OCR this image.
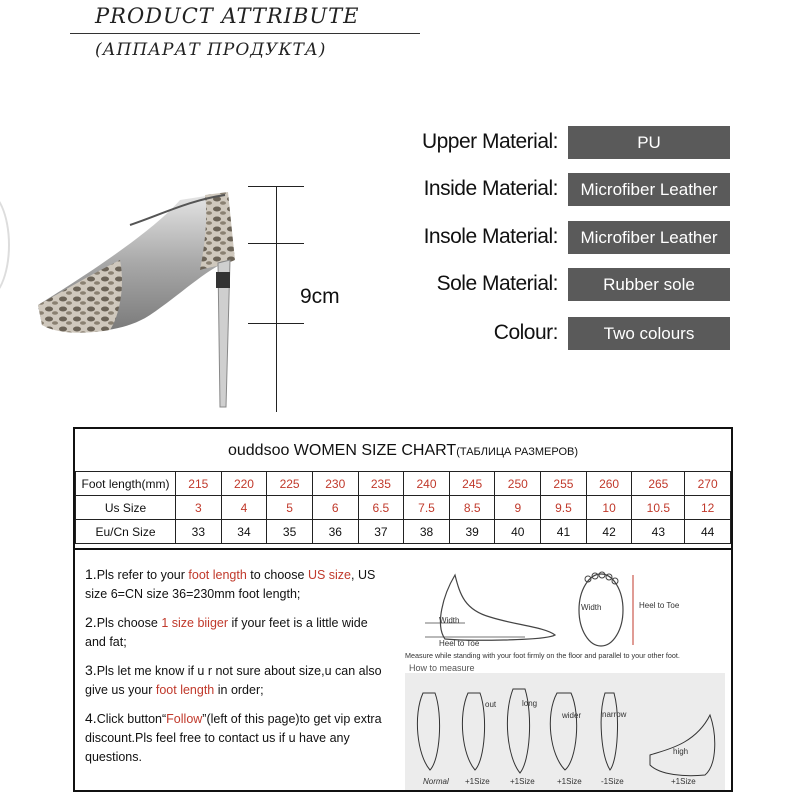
PRODUCT ATTRIBUTE
(АППАРАТ ПРОДУКТА)
9cm
Upper Material:	PU
Inside Material:	Microfiber Leather
Insole Material:	Microfiber Leather
Sole Material:	Rubber sole
Colour:	Two colours
ouddsoo WOMEN SIZE CHART(ТАБЛИЦА РАЗМЕРОВ)
Foot length(mm)	215	220	225	230	235	240	245	250	255	260	265	270
Us Size	3	4	5	6	6.5	7.5	8.5	9	9.5	10	10.5	12
Eu/Cn Size	33	34	35	36	37	38	39	40	41	42	43	44

1.Pls refer to your foot length to choose US size, US size 6=CN size 36=230mm foot length;

2.Pls choose 1 size biiger if your feet is a little wide and fat;

3.Pls let me know if u r not sure about size,u can also give us your foot length in order;

4.Click button“Follow”(left of this page)to get vip extra discount.Pls feel free to contact us if u have any questions.

Width
Heel to Toe
Width	Heel to Toe
Measure while standing with your foot firmly on the floor and parallel to your other foot.
How to measure
out	long
wider	narrow
high
Normal +1Size	+1Size	+1Size -1Size	+1Size
